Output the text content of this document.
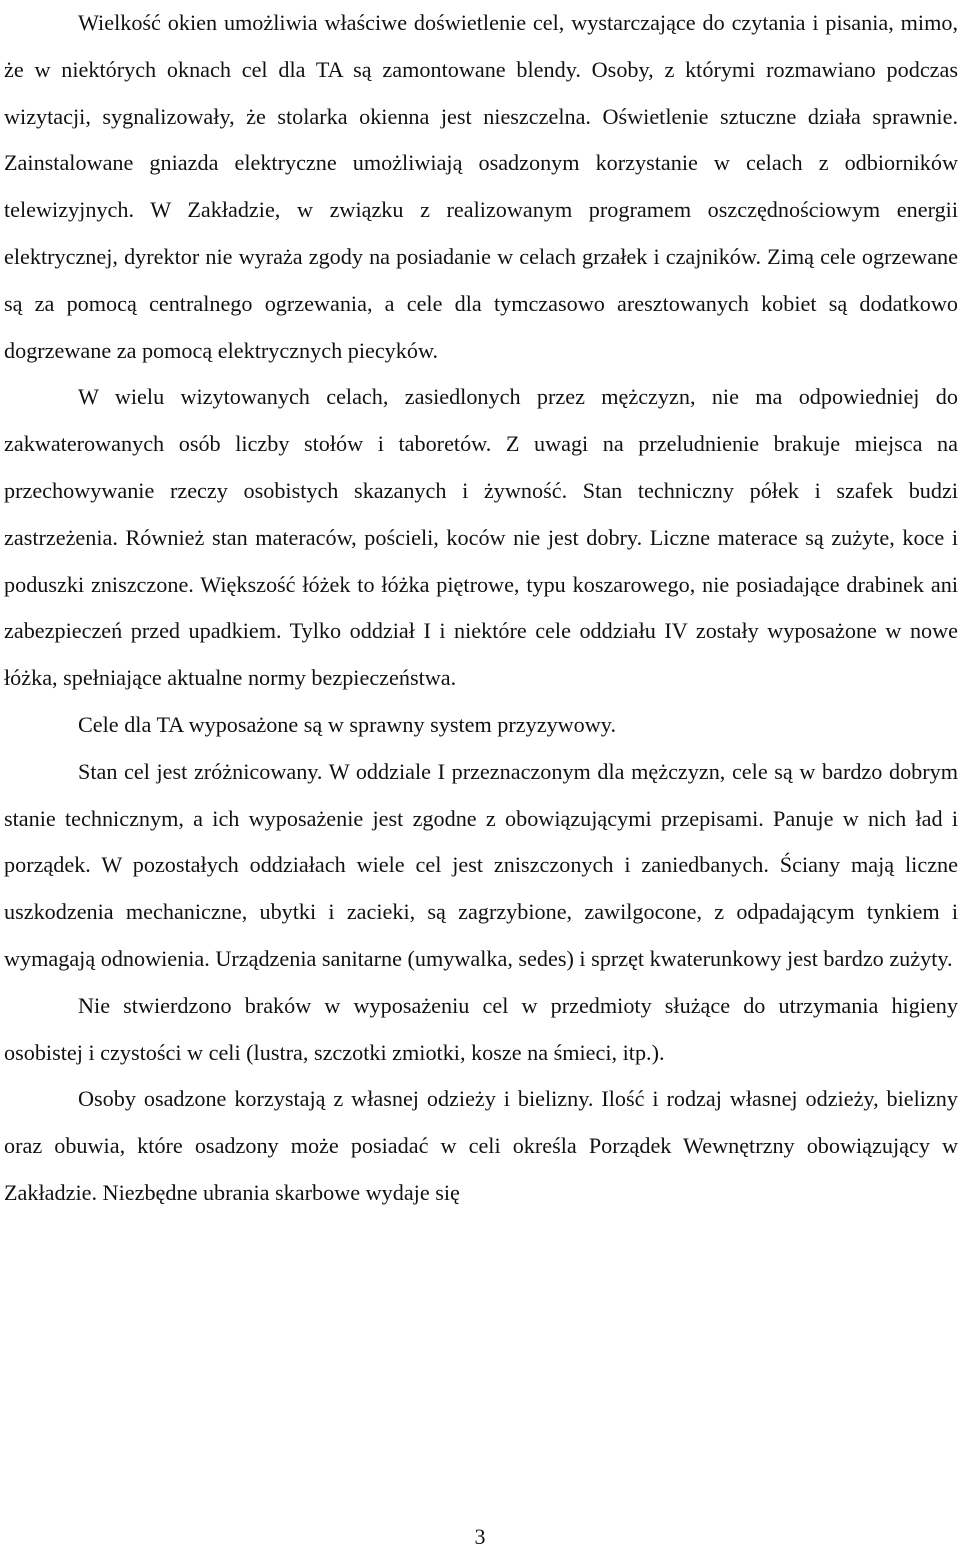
Wielkość okien umożliwia właściwe doświetlenie cel, wystarczające do czytania i pisania, mimo, że w niektórych oknach cel dla TA są zamontowane blendy. Osoby, z którymi rozmawiano podczas wizytacji, sygnalizowały, że stolarka okienna jest nieszczelna. Oświetlenie sztuczne działa sprawnie. Zainstalowane gniazda elektryczne umożliwiają osadzonym korzystanie w celach z odbiorników telewizyjnych. W Zakładzie, w związku z realizowanym programem oszczędnościowym energii elektrycznej, dyrektor nie wyraża zgody na posiadanie w celach grzałek i czajników. Zimą cele ogrzewane są za pomocą centralnego ogrzewania, a cele dla tymczasowo aresztowanych kobiet są dodatkowo dogrzewane za pomocą elektrycznych piecyków.

W wielu wizytowanych celach, zasiedlonych przez mężczyzn, nie ma odpowiedniej do zakwaterowanych osób liczby stołów i taboretów. Z uwagi na przeludnienie brakuje miejsca na przechowywanie rzeczy osobistych skazanych i żywność. Stan techniczny półek i szafek budzi zastrzeżenia. Również stan materaców, pościeli, koców nie jest dobry. Liczne materace są zużyte, koce i poduszki zniszczone. Większość łóżek to łóżka piętrowe, typu koszarowego, nie posiadające drabinek ani zabezpieczeń przed upadkiem. Tylko oddział I i niektóre cele oddziału IV zostały wyposażone w nowe łóżka, spełniające aktualne normy bezpieczeństwa.

Cele dla TA wyposażone są w sprawny system przyzywowy.

Stan cel jest zróżnicowany. W oddziale I przeznaczonym dla mężczyzn, cele są w bardzo dobrym stanie technicznym, a ich wyposażenie jest zgodne z obowiązującymi przepisami. Panuje w nich ład i porządek. W pozostałych oddziałach wiele cel jest zniszczonych i zaniedbanych. Ściany mają liczne uszkodzenia mechaniczne, ubytki i zacieki, są zagrzybione, zawilgocone, z odpadającym tynkiem i wymagają odnowienia. Urządzenia sanitarne (umywalka, sedes) i sprzęt kwaterunkowy jest bardzo zużyty.

Nie stwierdzono braków w wyposażeniu cel w przedmioty służące do utrzymania higieny osobistej i czystości w celi (lustra, szczotki zmiotki, kosze na śmieci, itp.).

Osoby osadzone korzystają z własnej odzieży i bielizny. Ilość i rodzaj własnej odzieży, bielizny oraz obuwia, które osadzony może posiadać w celi określa Porządek Wewnętrzny obowiązujący w Zakładzie. Niezbędne ubrania skarbowe wydaje się

3
